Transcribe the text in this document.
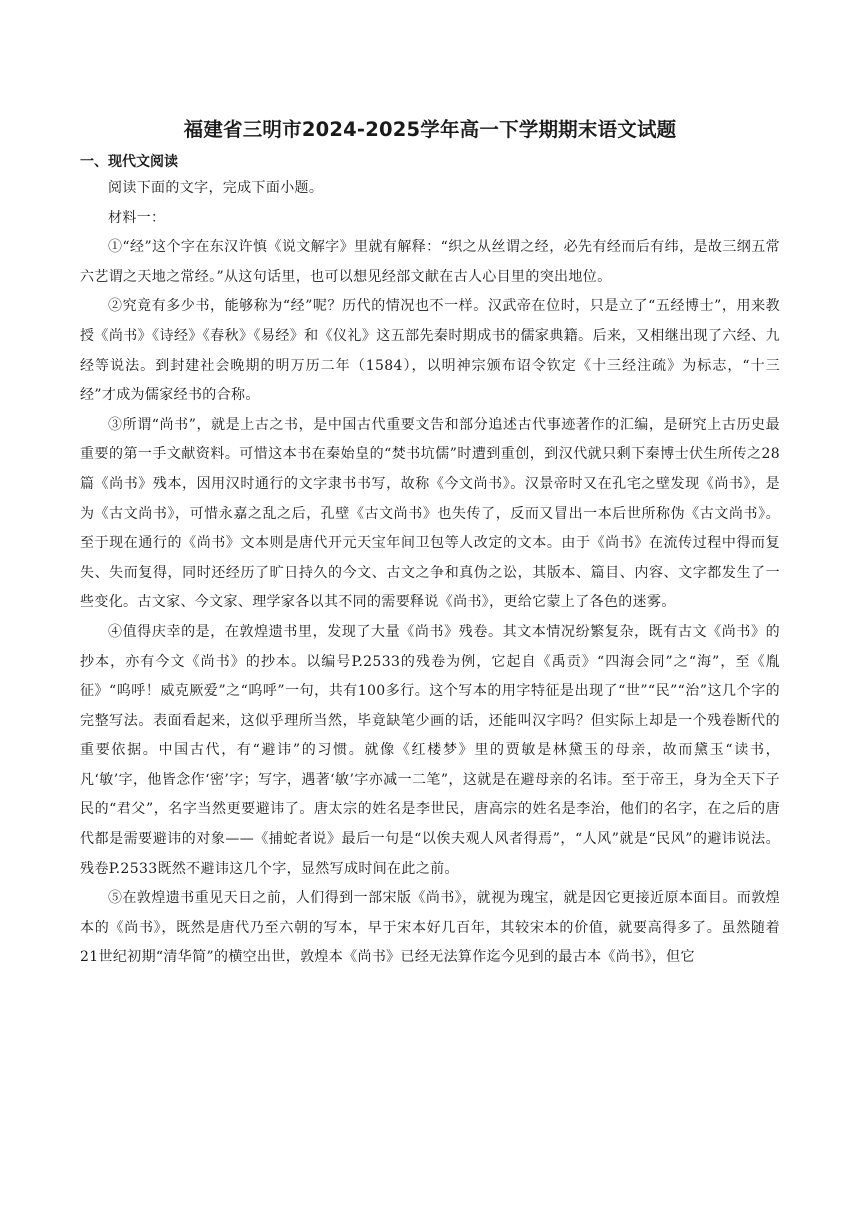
福建省三明市2024-2025学年高一下学期期末语文试题
一、现代文阅读

阅读下面的文字，完成下面小题。

材料一：

①“经”这个字在东汉许慎《说文解字》里就有解释：“织之从丝谓之经，必先有经而后有纬，是故三纲五常六艺谓之天地之常经。”从这句话里，也可以想见经部文献在古人心目里的突出地位。

②究竟有多少书，能够称为“经”呢？历代的情况也不一样。汉武帝在位时，只是立了“五经博士”，用来教授《尚书》《诗经》《春秋》《易经》和《仪礼》这五部先秦时期成书的儒家典籍。后来，又相继出现了六经、九经等说法。到封建社会晚期的明万历二年（1584），以明神宗颁布诏令钦定《十三经注疏》为标志，“十三经”才成为儒家经书的合称。

③所谓“尚书”，就是上古之书，是中国古代重要文告和部分追述古代事迹著作的汇编，是研究上古历史最重要的第一手文献资料。可惜这本书在秦始皇的“焚书坑儒”时遭到重创，到汉代就只剩下秦博士伏生所传之28篇《尚书》残本，因用汉时通行的文字隶书书写，故称《今文尚书》。汉景帝时又在孔宅之壁发现《尚书》，是为《古文尚书》，可惜永嘉之乱之后，孔壁《古文尚书》也失传了，反而又冒出一本后世所称伪《古文尚书》。至于现在通行的《尚书》文本则是唐代开元天宝年间卫包等人改定的文本。由于《尚书》在流传过程中得而复失、失而复得，同时还经历了旷日持久的今文、古文之争和真伪之讼，其版本、篇目、内容、文字都发生了一些变化。古文家、今文家、理学家各以其不同的需要释说《尚书》，更给它蒙上了各色的迷雾。

④值得庆幸的是，在敦煌遗书里，发现了大量《尚书》残卷。其文本情况纷繁复杂，既有古文《尚书》的抄本，亦有今文《尚书》的抄本。以编号P.2533的残卷为例，它起自《禹贡》“四海会同”之“海”，至《胤征》“呜呼！威克厥爱”之“呜呼”一句，共有100多行。这个写本的用字特征是出现了“世”“民”“治”这几个字的完整写法。表面看起来，这似乎理所当然，毕竟缺笔少画的话，还能叫汉字吗？但实际上却是一个残卷断代的重要依据。中国古代，有“避讳”的习惯。就像《红楼梦》里的贾敏是林黛玉的母亲，故而黛玉“读书，凡‘敏’字，他皆念作‘密’字；写字，遇著‘敏’字亦减一二笔”，这就是在避母亲的名讳。至于帝王，身为全天下子民的“君父”，名字当然更要避讳了。唐太宗的姓名是李世民，唐高宗的姓名是李治，他们的名字，在之后的唐代都是需要避讳的对象——《捕蛇者说》最后一句是“以俟夫观人风者得焉”，“人风”就是“民风”的避讳说法。残卷P.2533既然不避讳这几个字，显然写成时间在此之前。

⑤在敦煌遗书重见天日之前，人们得到一部宋版《尚书》，就视为瑰宝，就是因它更接近原本面目。而敦煌本的《尚书》，既然是唐代乃至六朝的写本，早于宋本好几百年，其较宋本的价值，就要高得多了。虽然随着21世纪初期“清华简”的横空出世，敦煌本《尚书》已经无法算作迄今见到的最古本《尚书》，但它
